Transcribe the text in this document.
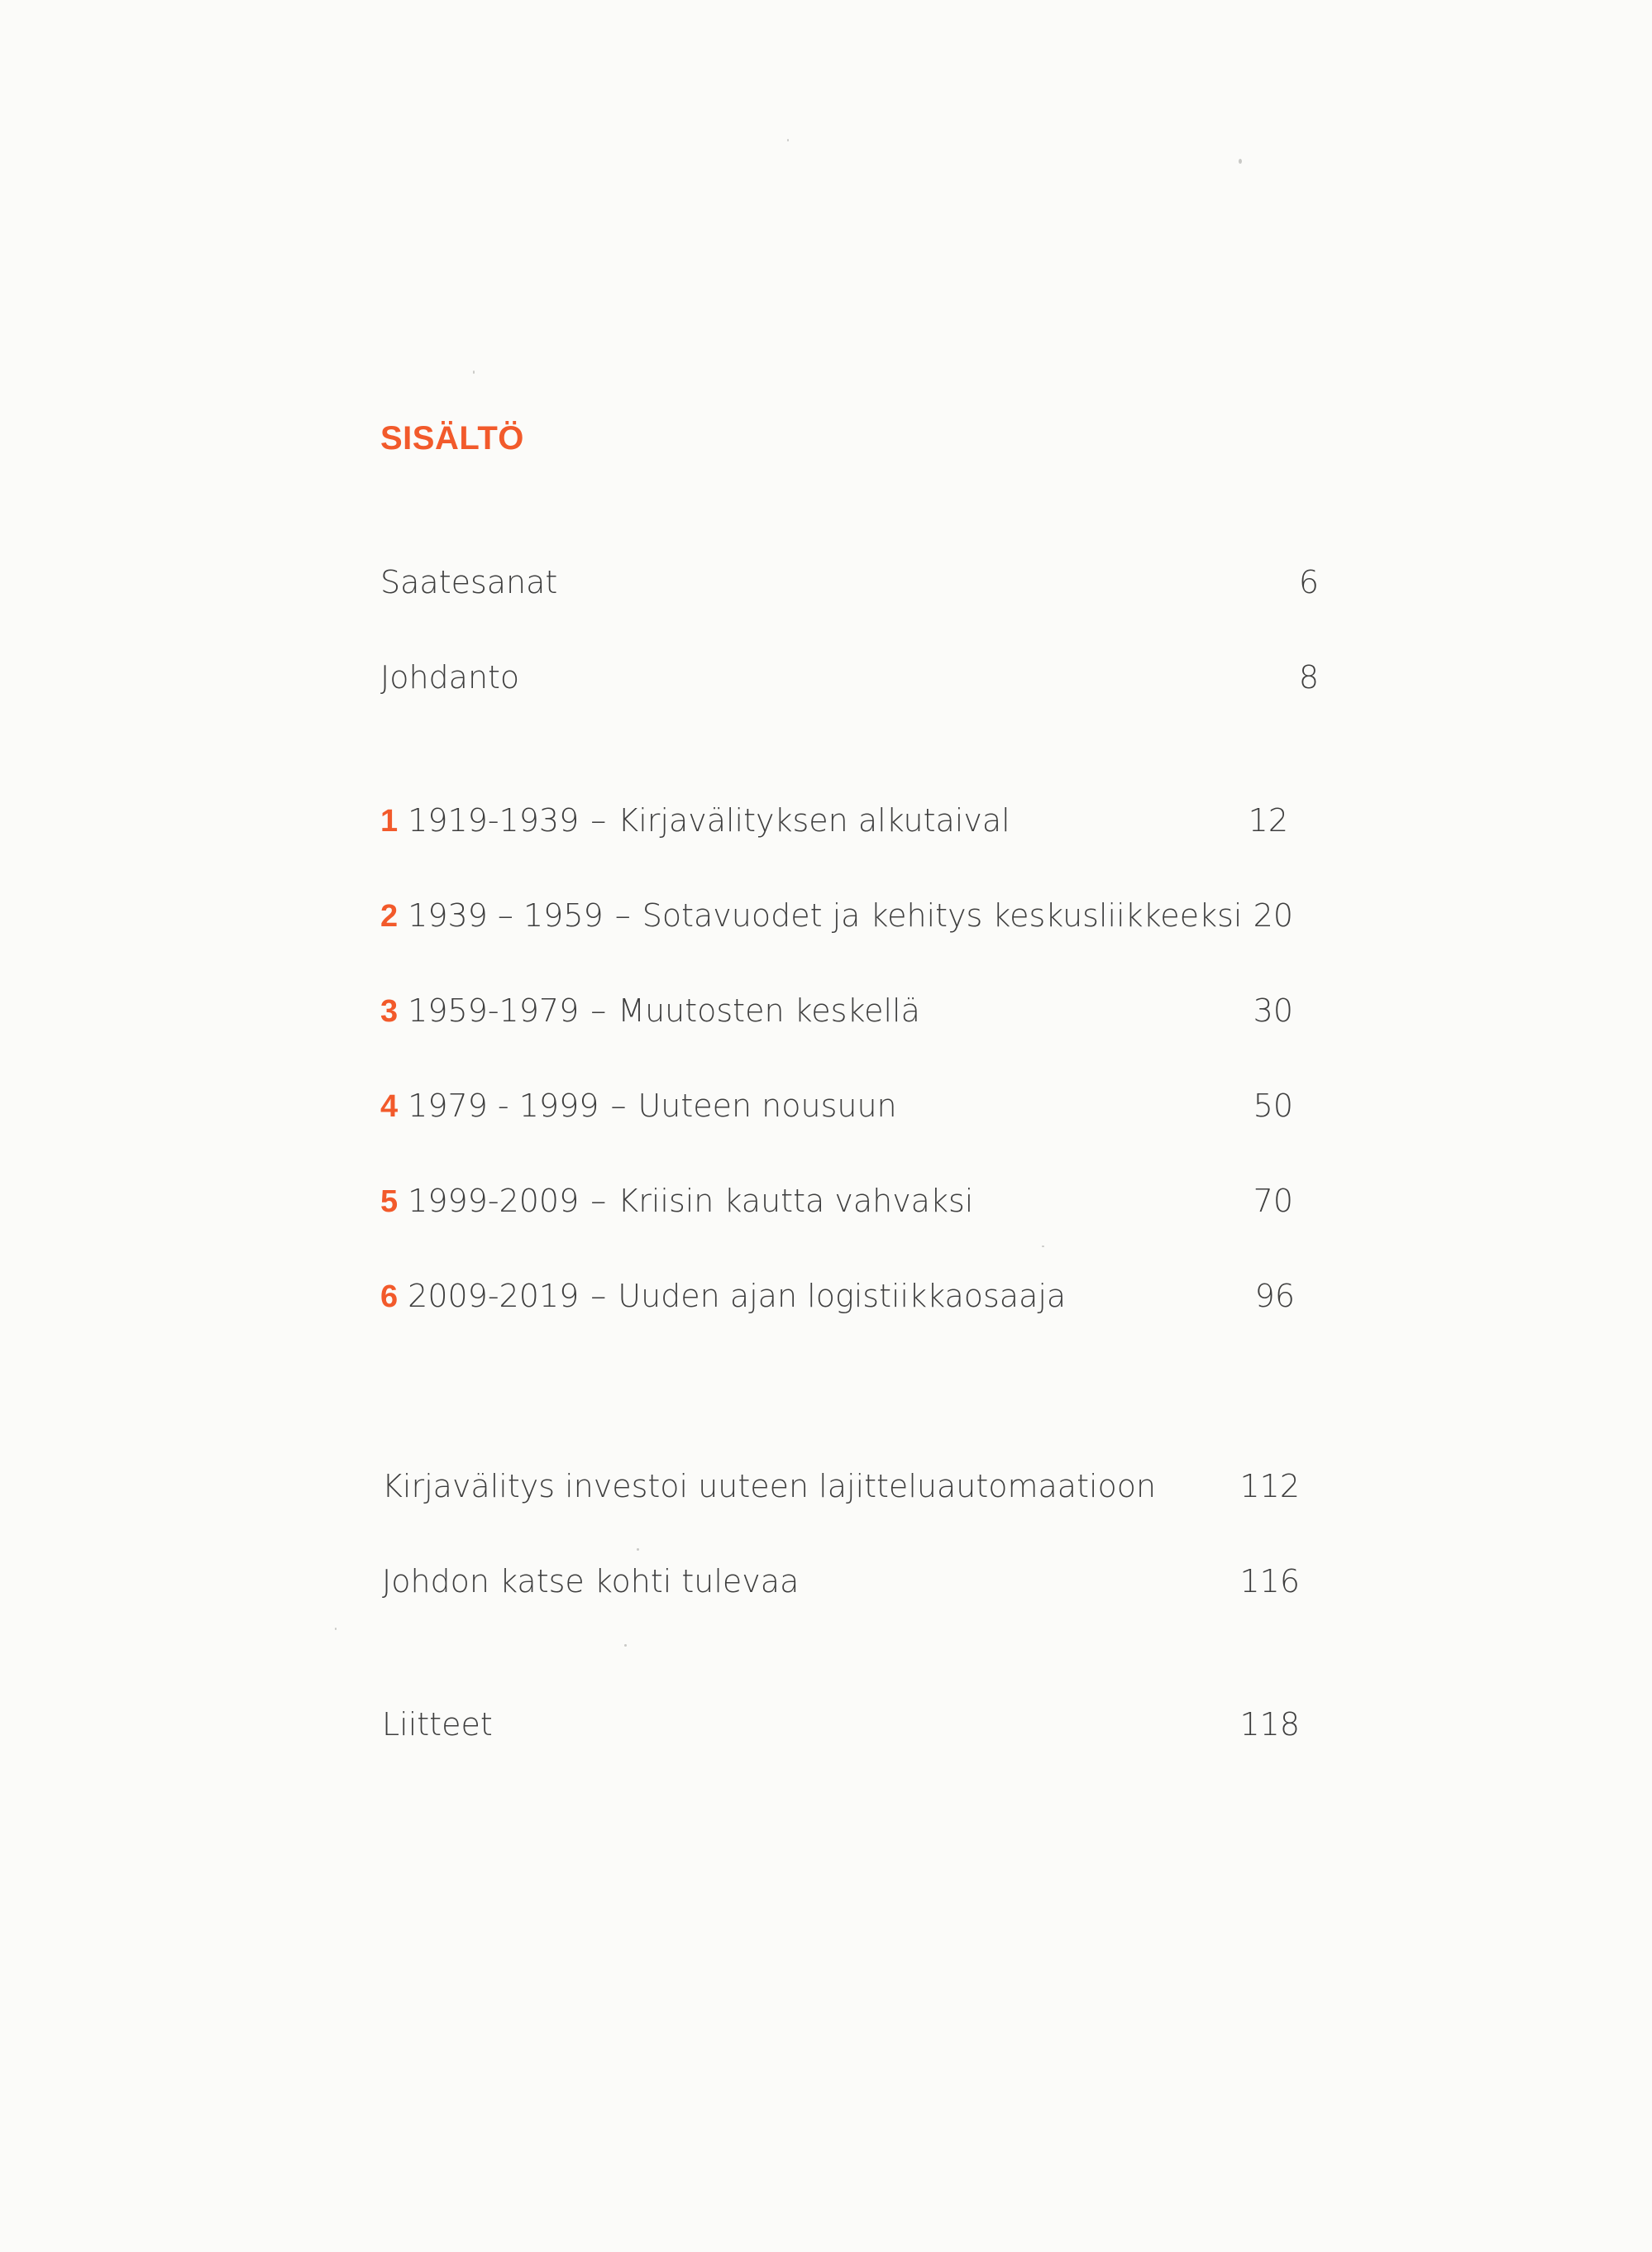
SISÄLTÖ
Saatesanat	6
Johdanto	8
1 1919-1939 – Kirjavälityksen alkutaival	12
2 1939 – 1959 – Sotavuodet ja kehitys keskusliikkeeksi 20
3 1959-1979 – Muutosten keskellä	30
4 1979 - 1999 – Uuteen nousuun	50
5 1999-2009 – Kriisin kautta vahvaksi	70
6 2009-2019 – Uuden ajan logistiikkaosaaja	96
Kirjavälitys investoi uuteen lajitteluautomaatioon	112
Johdon katse kohti tulevaa	116
Liitteet	118
